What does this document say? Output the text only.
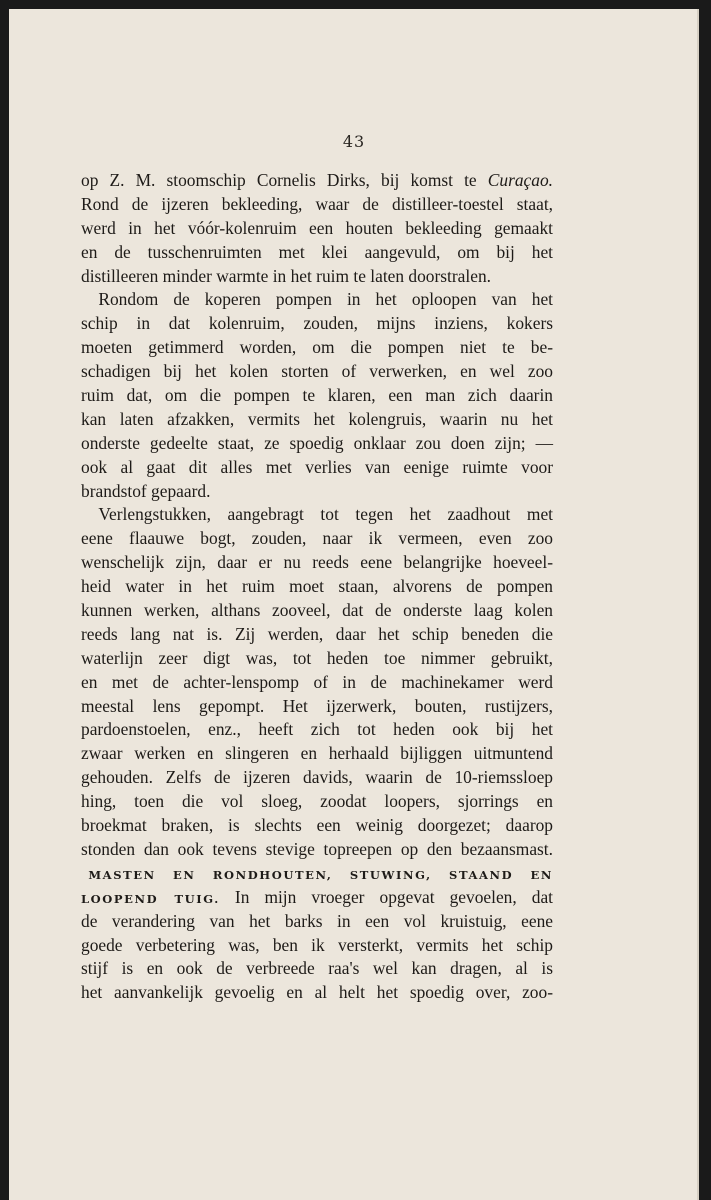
43
op Z. M. stoomschip Cornelis Dirks, bij komst te Curaçao.
Rond de ijzeren bekleeding, waar de distilleer-toestel staat,
werd in het vóór-kolenruim een houten bekleeding gemaakt
en de tusschenruimten met klei aangevuld, om bij het
distilleeren minder warmte in het ruim te laten doorstralen.
 Rondom de koperen pompen in het oploopen van het
schip in dat kolenruim, zouden, mijns inziens, kokers
moeten getimmerd worden, om die pompen niet te be-
schadigen bij het kolen storten of verwerken, en wel zoo
ruim dat, om die pompen te klaren, een man zich daarin
kan laten afzakken, vermits het kolengruis, waarin nu het
onderste gedeelte staat, ze spoedig onklaar zou doen zijn; —
ook al gaat dit alles met verlies van eenige ruimte voor
brandstof gepaard.
 Verlengstukken, aangebragt tot tegen het zaadhout met
eene flaauwe bogt, zouden, naar ik vermeen, even zoo
wenschelijk zijn, daar er nu reeds eene belangrijke hoeveel-
heid water in het ruim moet staan, alvorens de pompen
kunnen werken, althans zooveel, dat de onderste laag kolen
reeds lang nat is. Zij werden, daar het schip beneden die
waterlijn zeer digt was, tot heden toe nimmer gebruikt,
en met de achter-lenspomp of in de machinekamer werd
meestal lens gepompt. Het ijzerwerk, bouten, rustijzers,
pardoenstoelen, enz., heeft zich tot heden ook bij het
zwaar werken en slingeren en herhaald bijliggen uitmuntend
gehouden. Zelfs de ijzeren davids, waarin de 10-riemssloep
hing, toen die vol sloeg, zoodat loopers, sjorrings en
broekmat braken, is slechts een weinig doorgezet; daarop
stonden dan ook tevens stevige topreepen op den bezaansmast.
 MASTEN EN RONDHOUTEN, STUWING, STAAND EN
LOOPEND TUIG. In mijn vroeger opgevat gevoelen, dat
de verandering van het barks in een vol kruistuig, eene
goede verbetering was, ben ik versterkt, vermits het schip
stijf is en ook de verbreede raa's wel kan dragen, al is
het aanvankelijk gevoelig en al helt het spoedig over, zoo-
